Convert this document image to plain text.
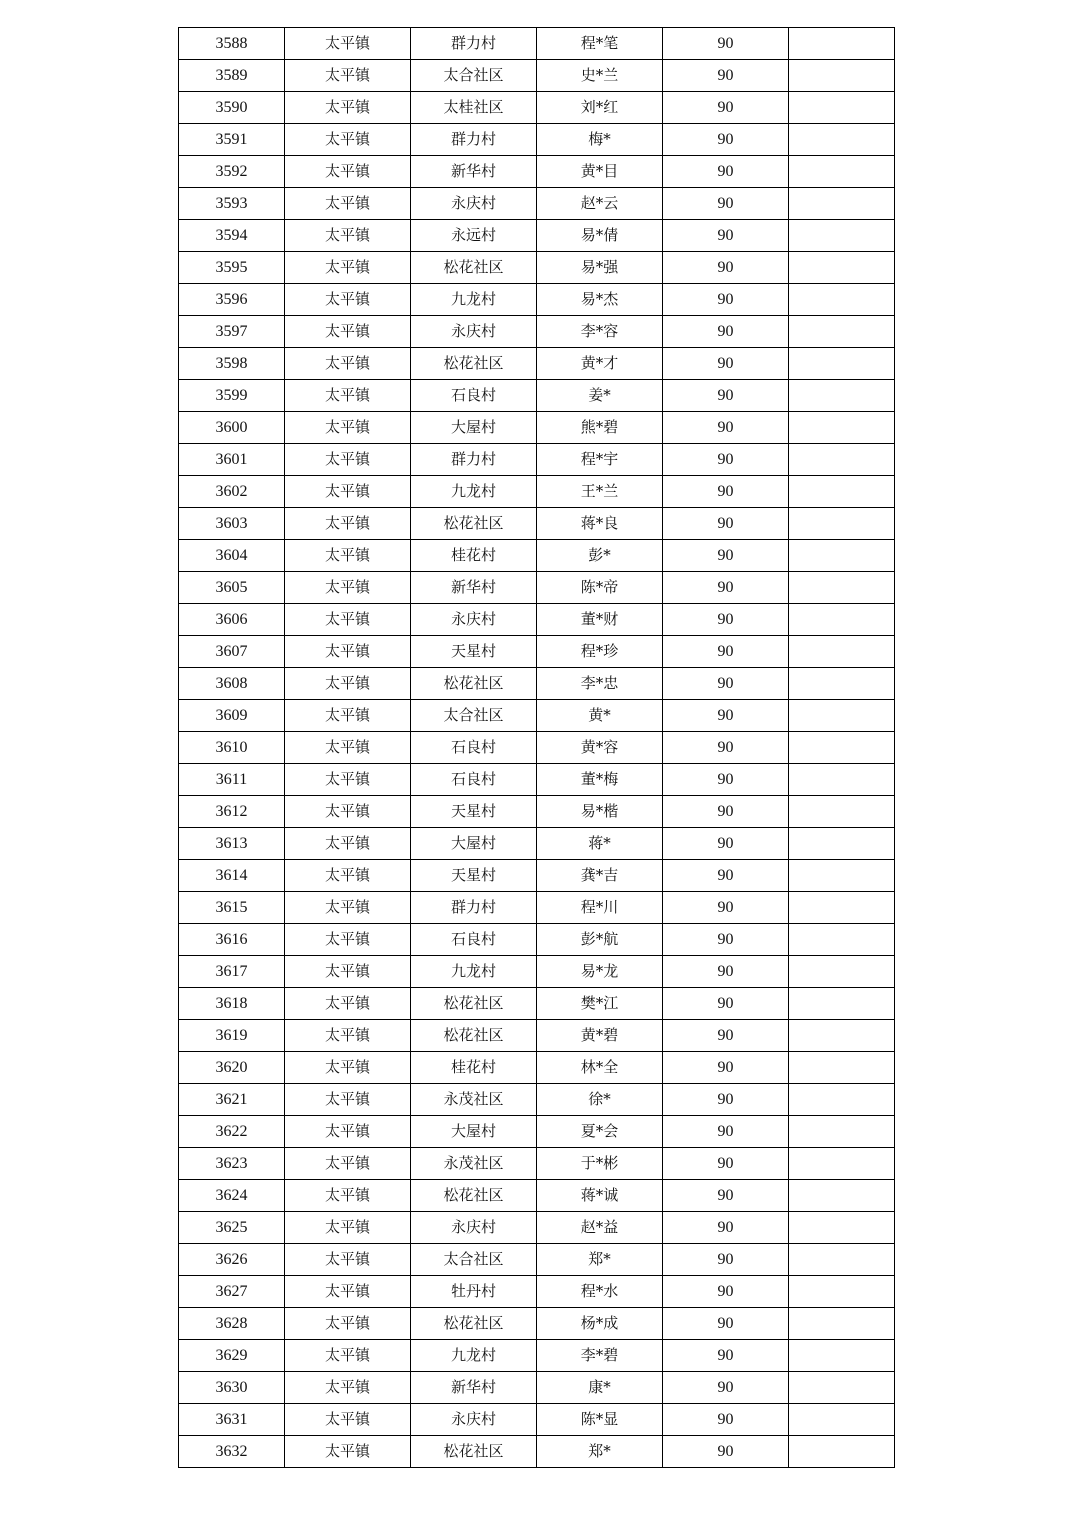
3588	太平镇	群力村	程*笔	90	
3589	太平镇	太合社区	史*兰	90	
3590	太平镇	太桂社区	刘*红	90	
3591	太平镇	群力村	梅*	90	
3592	太平镇	新华村	黄*目	90	
3593	太平镇	永庆村	赵*云	90	
3594	太平镇	永远村	易*倩	90	
3595	太平镇	松花社区	易*强	90	
3596	太平镇	九龙村	易*杰	90	
3597	太平镇	永庆村	李*容	90	
3598	太平镇	松花社区	黄*才	90	
3599	太平镇	石良村	姜*	90	
3600	太平镇	大屋村	熊*碧	90	
3601	太平镇	群力村	程*宇	90	
3602	太平镇	九龙村	王*兰	90	
3603	太平镇	松花社区	蒋*良	90	
3604	太平镇	桂花村	彭*	90	
3605	太平镇	新华村	陈*帝	90	
3606	太平镇	永庆村	董*财	90	
3607	太平镇	天星村	程*珍	90	
3608	太平镇	松花社区	李*忠	90	
3609	太平镇	太合社区	黄*	90	
3610	太平镇	石良村	黄*容	90	
3611	太平镇	石良村	董*梅	90	
3612	太平镇	天星村	易*楷	90	
3613	太平镇	大屋村	蒋*	90	
3614	太平镇	天星村	龚*吉	90	
3615	太平镇	群力村	程*川	90	
3616	太平镇	石良村	彭*航	90	
3617	太平镇	九龙村	易*龙	90	
3618	太平镇	松花社区	樊*江	90	
3619	太平镇	松花社区	黄*碧	90	
3620	太平镇	桂花村	林*全	90	
3621	太平镇	永茂社区	徐*	90	
3622	太平镇	大屋村	夏*会	90	
3623	太平镇	永茂社区	于*彬	90	
3624	太平镇	松花社区	蒋*诚	90	
3625	太平镇	永庆村	赵*益	90	
3626	太平镇	太合社区	郑*	90	
3627	太平镇	牡丹村	程*水	90	
3628	太平镇	松花社区	杨*成	90	
3629	太平镇	九龙村	李*碧	90	
3630	太平镇	新华村	康*	90	
3631	太平镇	永庆村	陈*显	90	
3632	太平镇	松花社区	郑*	90	
